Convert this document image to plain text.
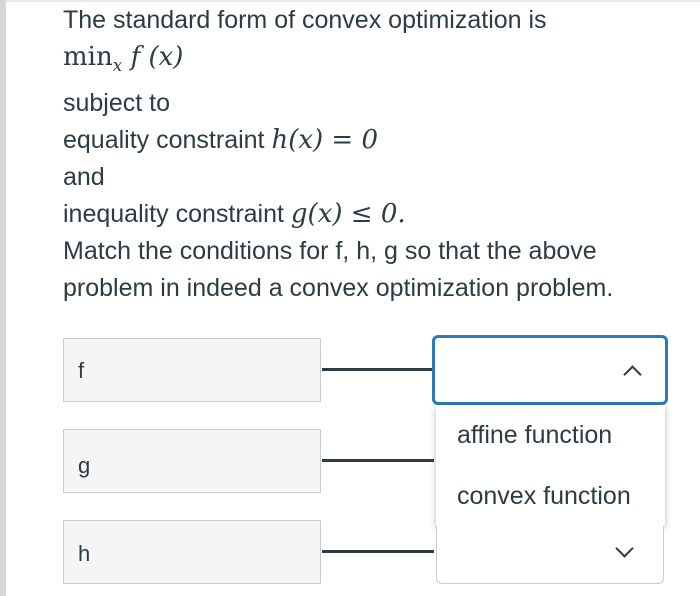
The standard form of convex optimization is
$\min_x f$ (x)
subject to
equality constraint h(x) = 0
and
inequality constraint g(x) ≤ 0.
Match the conditions for f, h, g so that the above
problem in indeed a convex optimization problem.
f
g
h
affine function
convex function
